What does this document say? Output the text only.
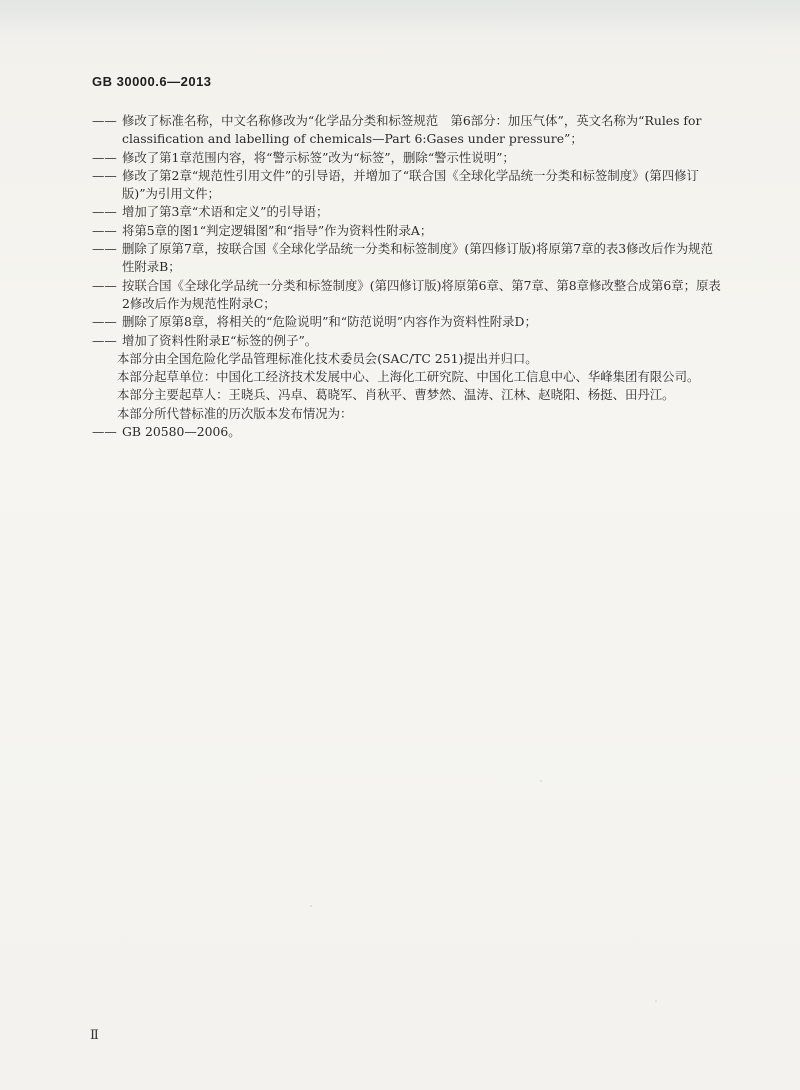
GB 30000.6—2013
—— 修改了标准名称，中文名称修改为“化学品分类和标签规范　第6部分：加压气体”，英文名称为“Rules for classification and labelling of chemicals—Part 6:Gases under pressure”；
—— 修改了第1章范围内容，将“警示标签”改为“标签”，删除“警示性说明”；
—— 修改了第2章“规范性引用文件”的引导语，并增加了“联合国《全球化学品统一分类和标签制度》(第四修订版)”为引用文件；
—— 增加了第3章“术语和定义”的引导语；
—— 将第5章的图1“判定逻辑图”和“指导”作为资料性附录A；
—— 删除了原第7章，按联合国《全球化学品统一分类和标签制度》(第四修订版)将原第7章的表3修改后作为规范性附录B；
—— 按联合国《全球化学品统一分类和标签制度》(第四修订版)将原第6章、第7章、第8章修改整合成第6章；原表2修改后作为规范性附录C；
—— 删除了原第8章，将相关的“危险说明”和“防范说明”内容作为资料性附录D；
—— 增加了资料性附录E“标签的例子”。
本部分由全国危险化学品管理标准化技术委员会(SAC/TC 251)提出并归口。
本部分起草单位：中国化工经济技术发展中心、上海化工研究院、中国化工信息中心、华峰集团有限公司。
本部分主要起草人：王晓兵、冯卓、葛晓军、肖秋平、曹梦然、温涛、江林、赵晓阳、杨挺、田丹江。
本部分所代替标准的历次版本发布情况为：
—— GB 20580—2006。
Ⅱ
